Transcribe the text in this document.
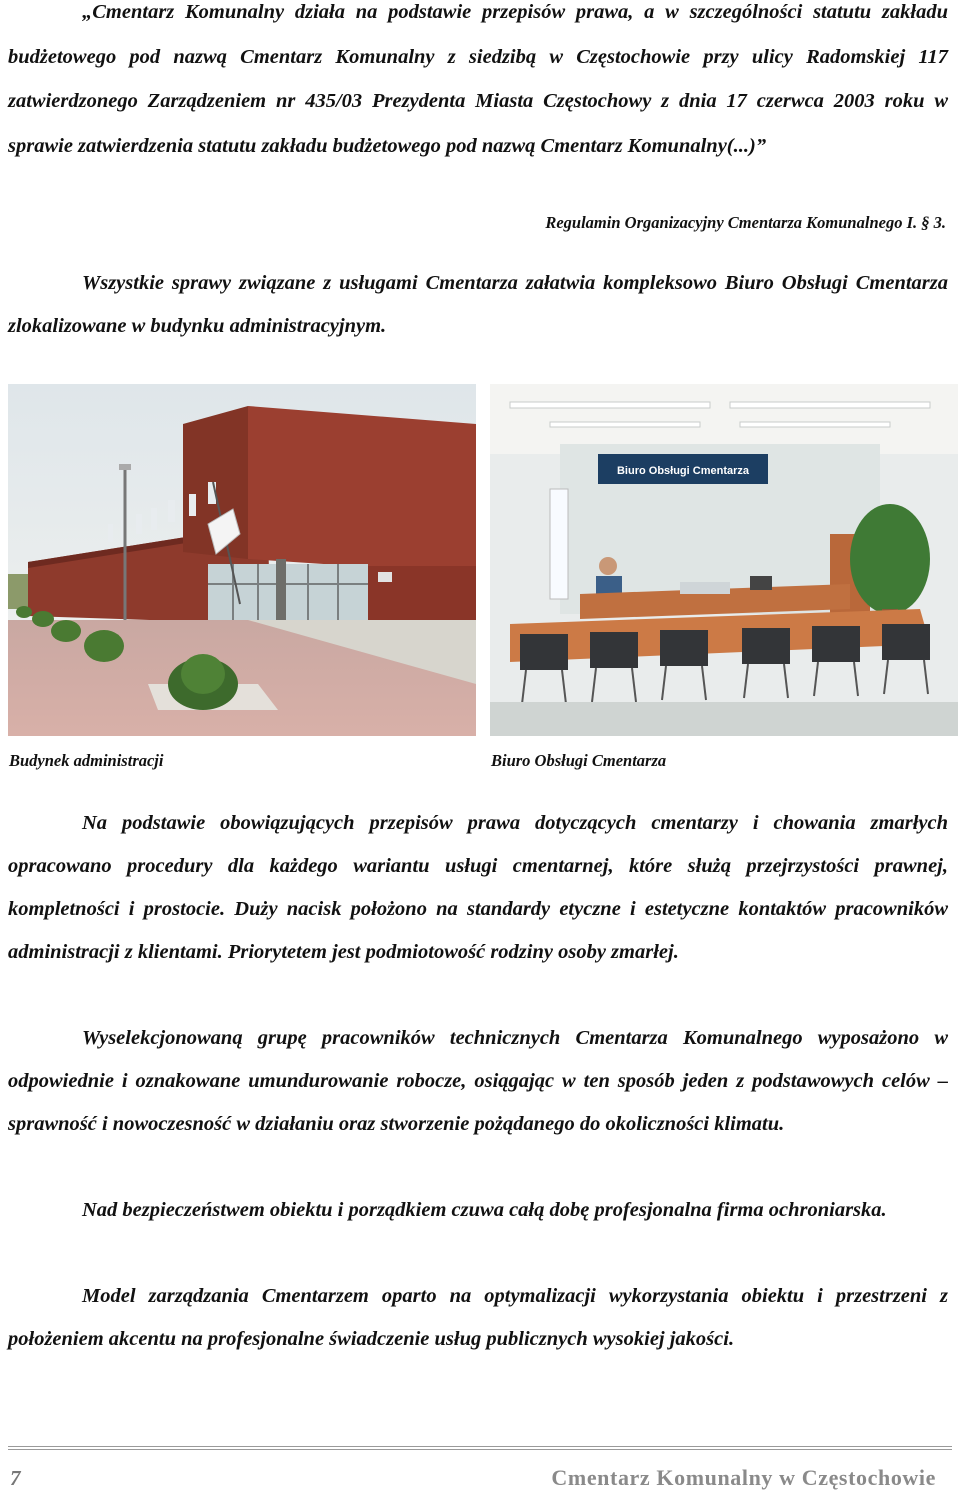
„Cmentarz Komunalny działa na podstawie przepisów prawa, a w szczególności statutu zakładu budżetowego pod nazwą Cmentarz Komunalny z siedzibą w Częstochowie przy ulicy Radomskiej 117 zatwierdzonego Zarządzeniem nr 435/03 Prezydenta Miasta Częstochowy z dnia 17 czerwca 2003 roku w sprawie zatwierdzenia statutu zakładu budżetowego pod nazwą Cmentarz Komunalny(...)”

Regulamin Organizacyjny Cmentarza Komunalnego I. § 3.

Wszystkie sprawy związane z usługami Cmentarza załatwia kompleksowo Biuro Obsługi Cmentarza zlokalizowane w budynku administracyjnym.

Biuro Obsługi Cmentarza

Budynek administracji	Biuro Obsługi Cmentarza

Na podstawie obowiązujących przepisów prawa dotyczących cmentarzy i chowania zmarłych opracowano procedury dla każdego wariantu usługi cmentarnej, które służą przejrzystości prawnej, kompletności i prostocie. Duży nacisk położono na standardy etyczne i estetyczne kontaktów pracowników administracji z klientami. Priorytetem jest podmiotowość rodziny osoby zmarłej.

Wyselekcjonowaną grupę pracowników technicznych Cmentarza Komunalnego wyposażono w odpowiednie i oznakowane umundurowanie robocze, osiągając w ten sposób jeden z podstawowych celów – sprawność i nowoczesność w działaniu oraz stworzenie pożądanego do okoliczności klimatu.

Nad bezpieczeństwem obiektu i porządkiem czuwa całą dobę profesjonalna firma ochroniarska.

Model zarządzania Cmentarzem oparto na optymalizacji wykorzystania obiektu i przestrzeni z położeniem akcentu na profesjonalne świadczenie usług publicznych wysokiej jakości.

7	Cmentarz Komunalny w Częstochowie
